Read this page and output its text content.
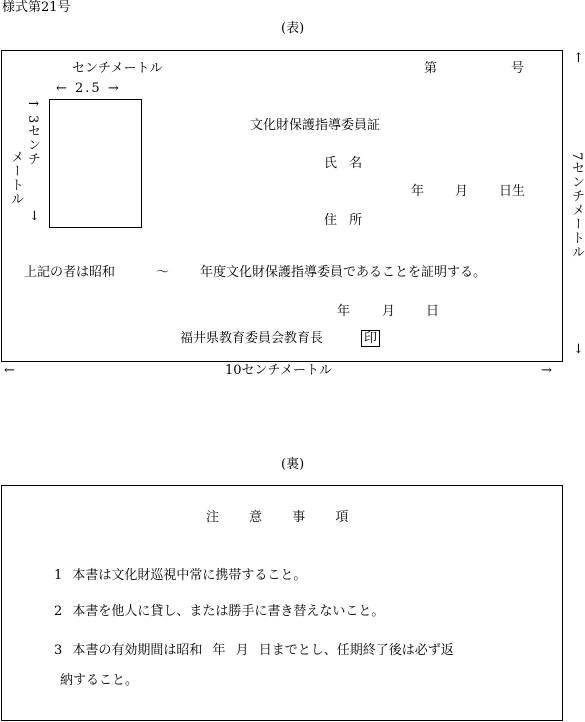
様式第21号
(表)
センチメートル
← 2.5 →
第	号
↑ 3センチ
メートル
↓
文化財保護指導委員証
氏 名
年 月 日生
住 所
上記の者は昭和	～ 年度文化財保護指導委員であることを証明する。
年 月 日
福井県教育委員会教育長	印
↑
7センチメートル
↓
←	10センチメートル	→
(裏)
注 意 事 項
1 本書は文化財巡視中常に携帯すること。
2 本書を他人に貸し、または勝手に書き替えないこと。
3 本書の有効期間は昭和 年 月 日までとし、任期終了後は必ず返
納すること。
